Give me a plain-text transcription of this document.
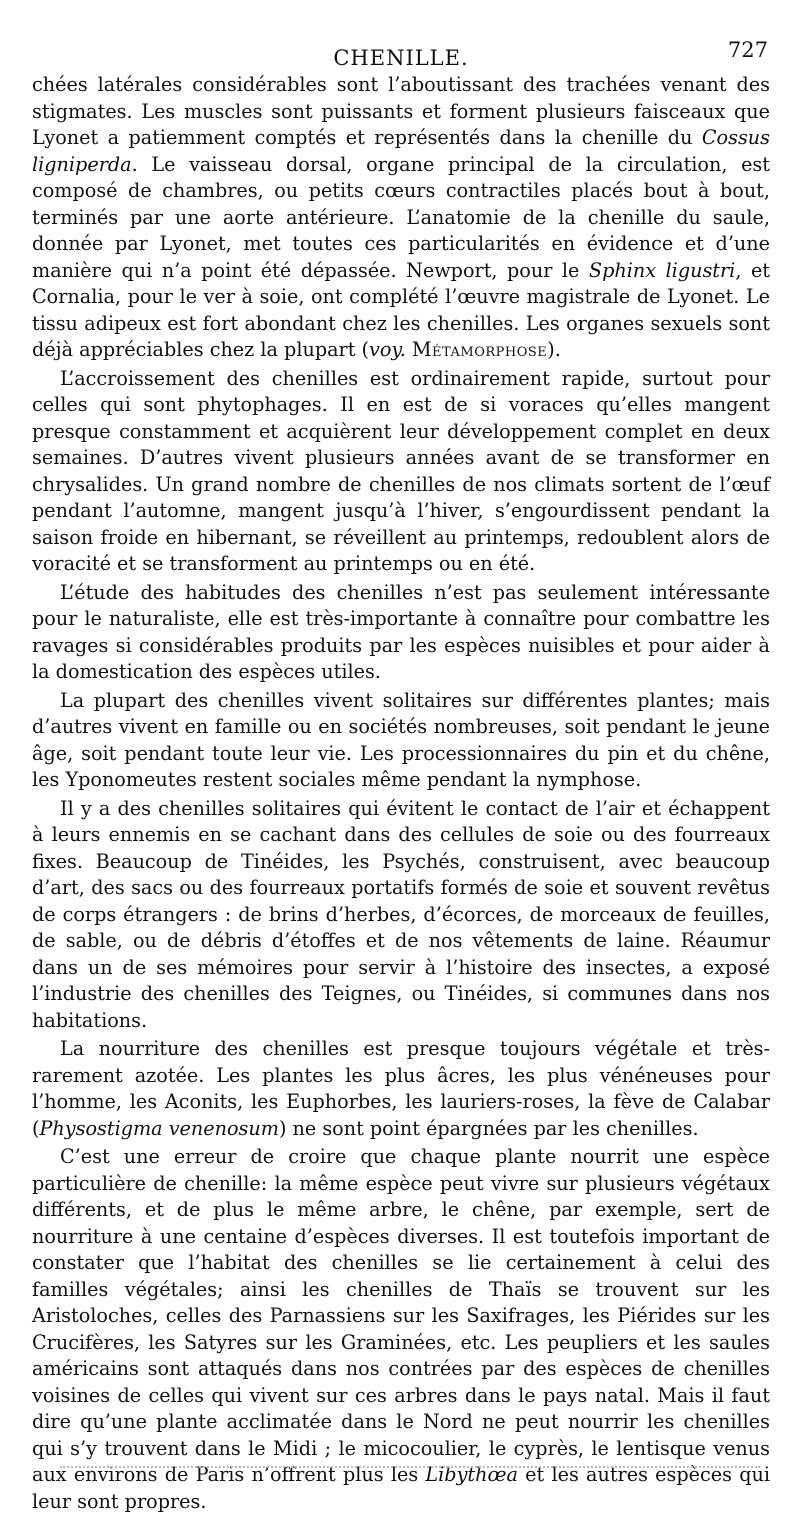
CHENILLE.	727

chées latérales considérables sont l’aboutissant des trachées venant des stigmates. Les muscles sont puissants et forment plusieurs faisceaux que Lyonet a patiemment comptés et représentés dans la chenille du Cossus ligniperda. Le vaisseau dorsal, organe principal de la circulation, est composé de chambres, ou petits cœurs contractiles placés bout à bout, terminés par une aorte antérieure. L’anatomie de la chenille du saule, donnée par Lyonet, met toutes ces particularités en évidence et d’une manière qui n’a point été dépassée. Newport, pour le Sphinx ligustri, et Cornalia, pour le ver à soie, ont complété l’œuvre magistrale de Lyonet. Le tissu adipeux est fort abondant chez les chenilles. Les organes sexuels sont déjà appréciables chez la plupart (voy. Métamorphose).

L’accroissement des chenilles est ordinairement rapide, surtout pour celles qui sont phytophages. Il en est de si voraces qu’elles mangent presque constamment et acquièrent leur développement complet en deux semaines. D’autres vivent plusieurs années avant de se transformer en chrysalides. Un grand nombre de chenilles de nos climats sortent de l’œuf pendant l’automne, mangent jusqu’à l’hiver, s’engourdissent pendant la saison froide en hibernant, se réveillent au printemps, redoublent alors de voracité et se transforment au printemps ou en été.

L’étude des habitudes des chenilles n’est pas seulement intéressante pour le naturaliste, elle est très-importante à connaître pour combattre les ravages si considérables produits par les espèces nuisibles et pour aider à la domestication des espèces utiles.

La plupart des chenilles vivent solitaires sur différentes plantes; mais d’autres vivent en famille ou en sociétés nombreuses, soit pendant le jeune âge, soit pendant toute leur vie. Les processionnaires du pin et du chêne, les Yponomeutes restent sociales même pendant la nymphose.

Il y a des chenilles solitaires qui évitent le contact de l’air et échappent à leurs ennemis en se cachant dans des cellules de soie ou des fourreaux fixes. Beaucoup de Tinéides, les Psychés, construisent, avec beaucoup d’art, des sacs ou des fourreaux portatifs formés de soie et souvent revêtus de corps étrangers : de brins d’herbes, d’écorces, de morceaux de feuilles, de sable, ou de débris d’étoffes et de nos vêtements de laine. Réaumur dans un de ses mémoires pour servir à l’histoire des insectes, a exposé l’industrie des chenilles des Teignes, ou Tinéides, si communes dans nos habitations.

La nourriture des chenilles est presque toujours végétale et très-rarement azotée. Les plantes les plus âcres, les plus vénéneuses pour l’homme, les Aconits, les Euphorbes, les lauriers-roses, la fève de Calabar (Physostigma venenosum) ne sont point épargnées par les chenilles.

C’est une erreur de croire que chaque plante nourrit une espèce particulière de chenille: la même espèce peut vivre sur plusieurs végétaux différents, et de plus le même arbre, le chêne, par exemple, sert de nourriture à une centaine d’espèces diverses. Il est toutefois important de constater que l’habitat des chenilles se lie certainement à celui des familles végétales; ainsi les chenilles de Thaïs se trouvent sur les Aristoloches, celles des Parnassiens sur les Saxifrages, les Piérides sur les Crucifères, les Satyres sur les Graminées, etc. Les peupliers et les saules américains sont attaqués dans nos contrées par des espèces de chenilles voisines de celles qui vivent sur ces arbres dans le pays natal. Mais il faut dire qu’une plante acclimatée dans le Nord ne peut nourrir les chenilles qui s’y trouvent dans le Midi ; le micocoulier, le cyprès, le lentisque venus aux environs de Paris n’offrent plus les Libythœa et les autres espèces qui leur sont propres.
